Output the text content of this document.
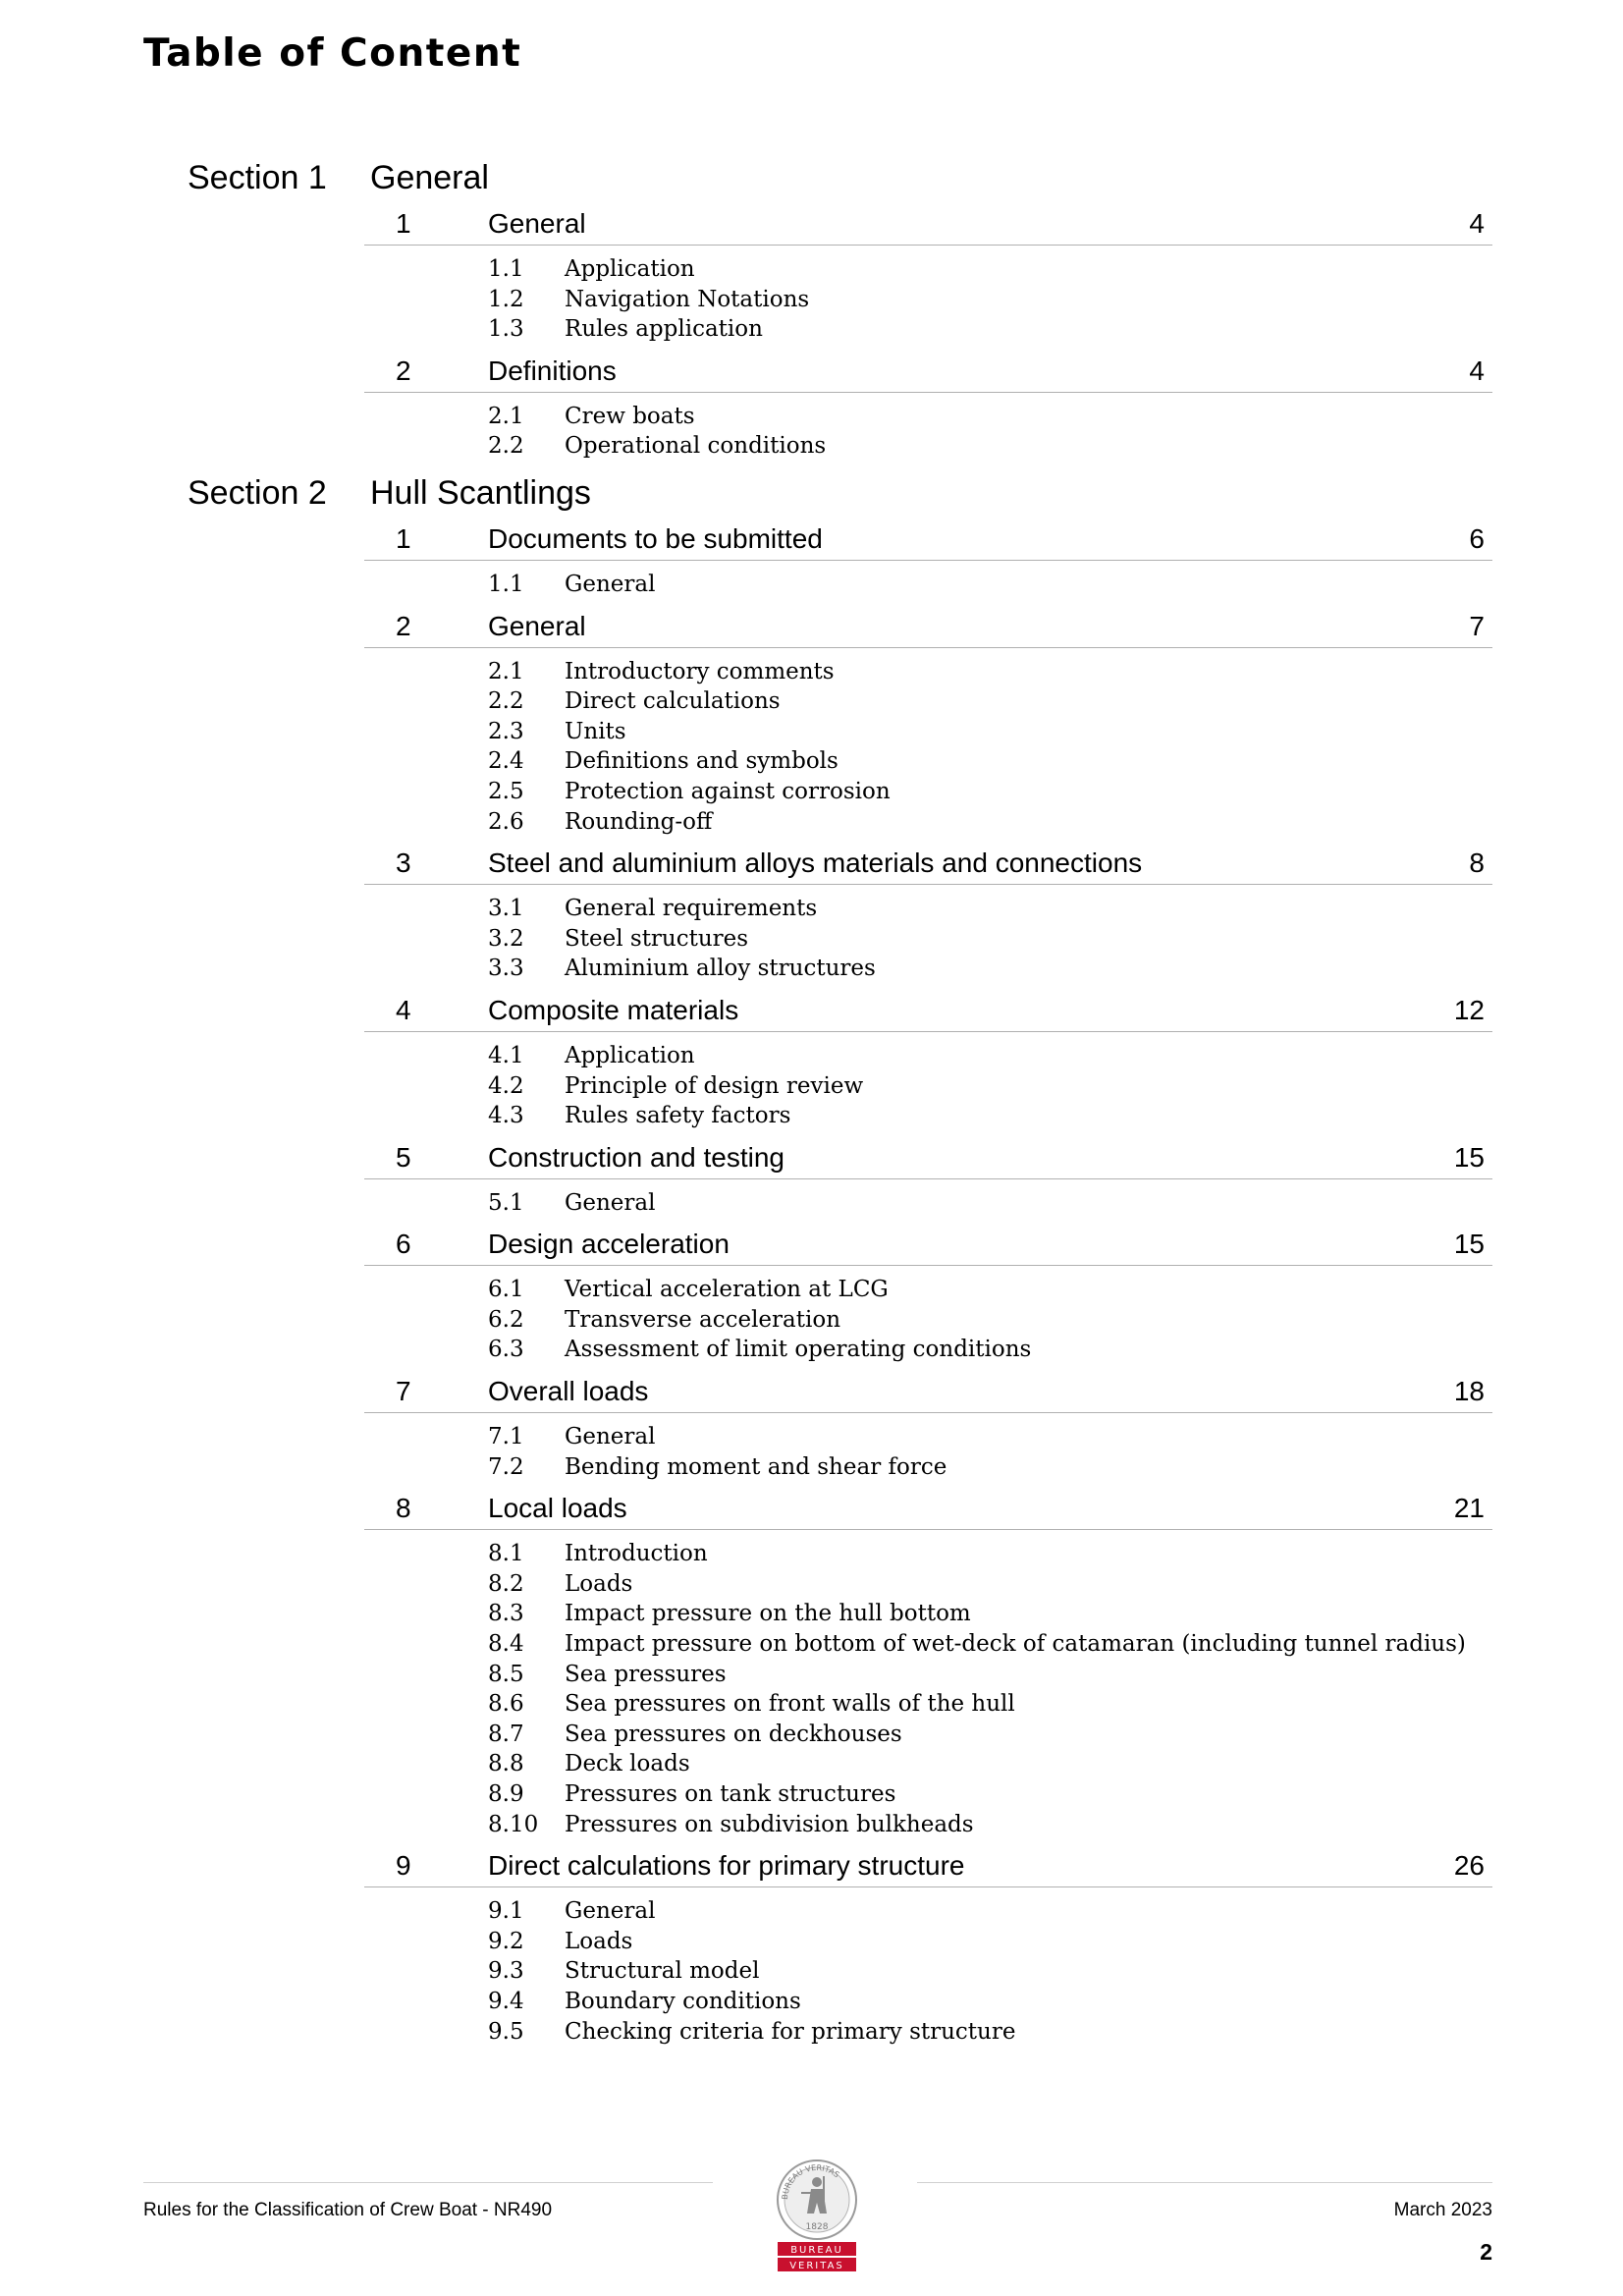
Table of Content
Section 1 General
1	General	4
1.1 Application
1.2 Navigation Notations
1.3 Rules application
2	Definitions	4
2.1 Crew boats
2.2 Operational conditions
Section 2 Hull Scantlings
1	Documents to be submitted	6
1.1 General
2	General	7
2.1 Introductory comments
2.2 Direct calculations
2.3 Units
2.4 Definitions and symbols
2.5 Protection against corrosion
2.6 Rounding-off
3	Steel and aluminium alloys materials and connections	8
3.1 General requirements
3.2 Steel structures
3.3 Aluminium alloy structures
4	Composite materials	12
4.1 Application
4.2 Principle of design review
4.3 Rules safety factors
5	Construction and testing	15
5.1 General
6	Design acceleration	15
6.1 Vertical acceleration at LCG
6.2 Transverse acceleration
6.3 Assessment of limit operating conditions
7	Overall loads	18
7.1 General
7.2 Bending moment and shear force
8	Local loads	21
8.1 Introduction
8.2 Loads
8.3 Impact pressure on the hull bottom
8.4 Impact pressure on bottom of wet-deck of catamaran (including tunnel radius)
8.5 Sea pressures
8.6 Sea pressures on front walls of the hull
8.7 Sea pressures on deckhouses
8.8 Deck loads
8.9 Pressures on tank structures
8.10 Pressures on subdivision bulkheads
9	Direct calculations for primary structure	26
9.1 General
9.2 Loads
9.3 Structural model
9.4 Boundary conditions
9.5 Checking criteria for primary structure
Rules for the Classification of Crew Boat - NR490	March 2023
2
BUREAU VERITAS
1828
BUREAU
VERITAS
